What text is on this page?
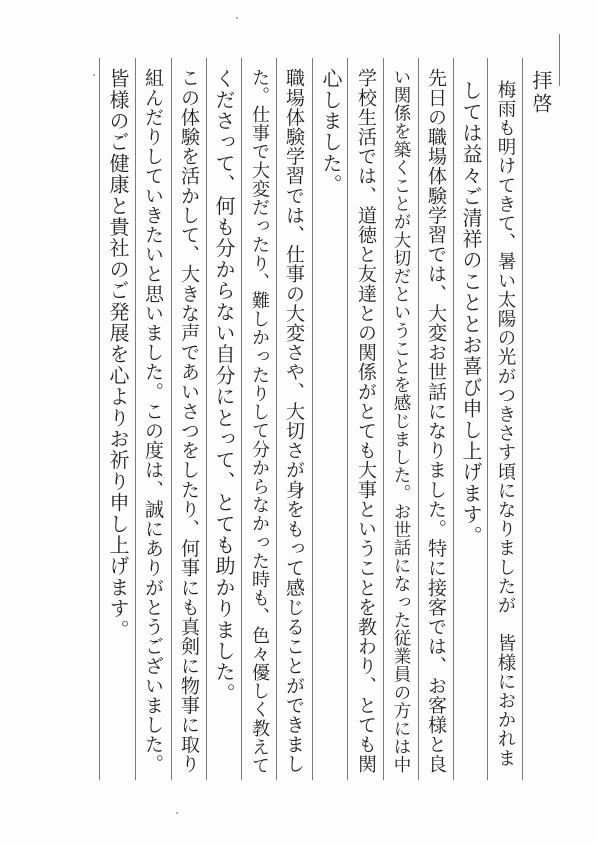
拝啓
梅雨も明けてきて、暑い太陽の光がつきさす頃になりましたが　皆様におかれま
しては益々ご清祥のこととお喜び申し上げます。
先日の職場体験学習では、大変お世話になりました。特に接客では、お客様と良
い関係を築くことが大切だということを感じました。お世話になった従業員の方には中
学校生活では、道徳と友達との関係がとても大事ということを教わり、とても関
心しました。
職場体験学習では、仕事の大変さや、大切さが身をもって感じることができまし
た。仕事で大変だったり、難しかったりして分からなかった時も、色々優しく教えて
くださって、何も分からない自分にとって、とても助かりました。
この体験を活かして、大きな声であいさつをしたり、何事にも真剣に物事に取り
組んだりしていきたいと思いました。この度は、誠にありがとうございました。
皆様のご健康と貴社のご発展を心よりお祈り申し上げます。
